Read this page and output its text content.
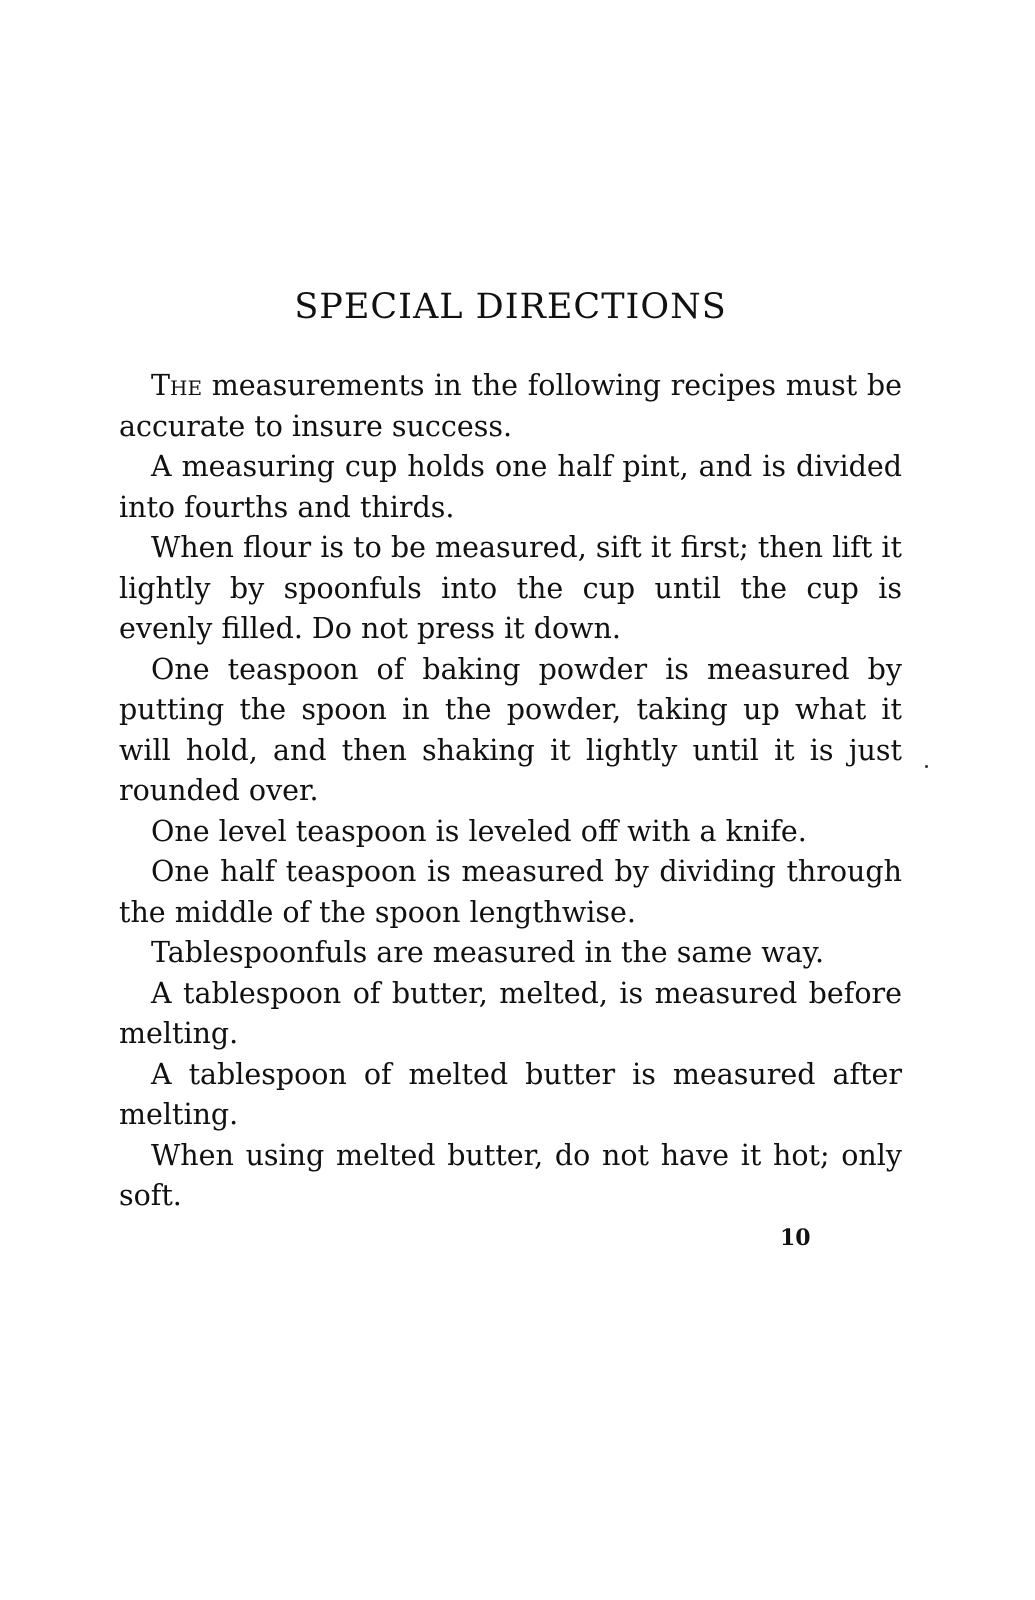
SPECIAL DIRECTIONS

The measurements in the following recipes must be accurate to insure success.

A measuring cup holds one half pint, and is divided into fourths and thirds.

When flour is to be measured, sift it first; then lift it lightly by spoonfuls into the cup until the cup is evenly filled. Do not press it down.

One teaspoon of baking powder is measured by putting the spoon in the powder, taking up what it will hold, and then shaking it lightly until it is just rounded over.

One level teaspoon is leveled off with a knife.

One half teaspoon is measured by dividing through the middle of the spoon lengthwise.

Tablespoonfuls are measured in the same way.

A tablespoon of butter, melted, is measured before melting.

A tablespoon of melted butter is measured after melting.

When using melted butter, do not have it hot; only soft.

10
